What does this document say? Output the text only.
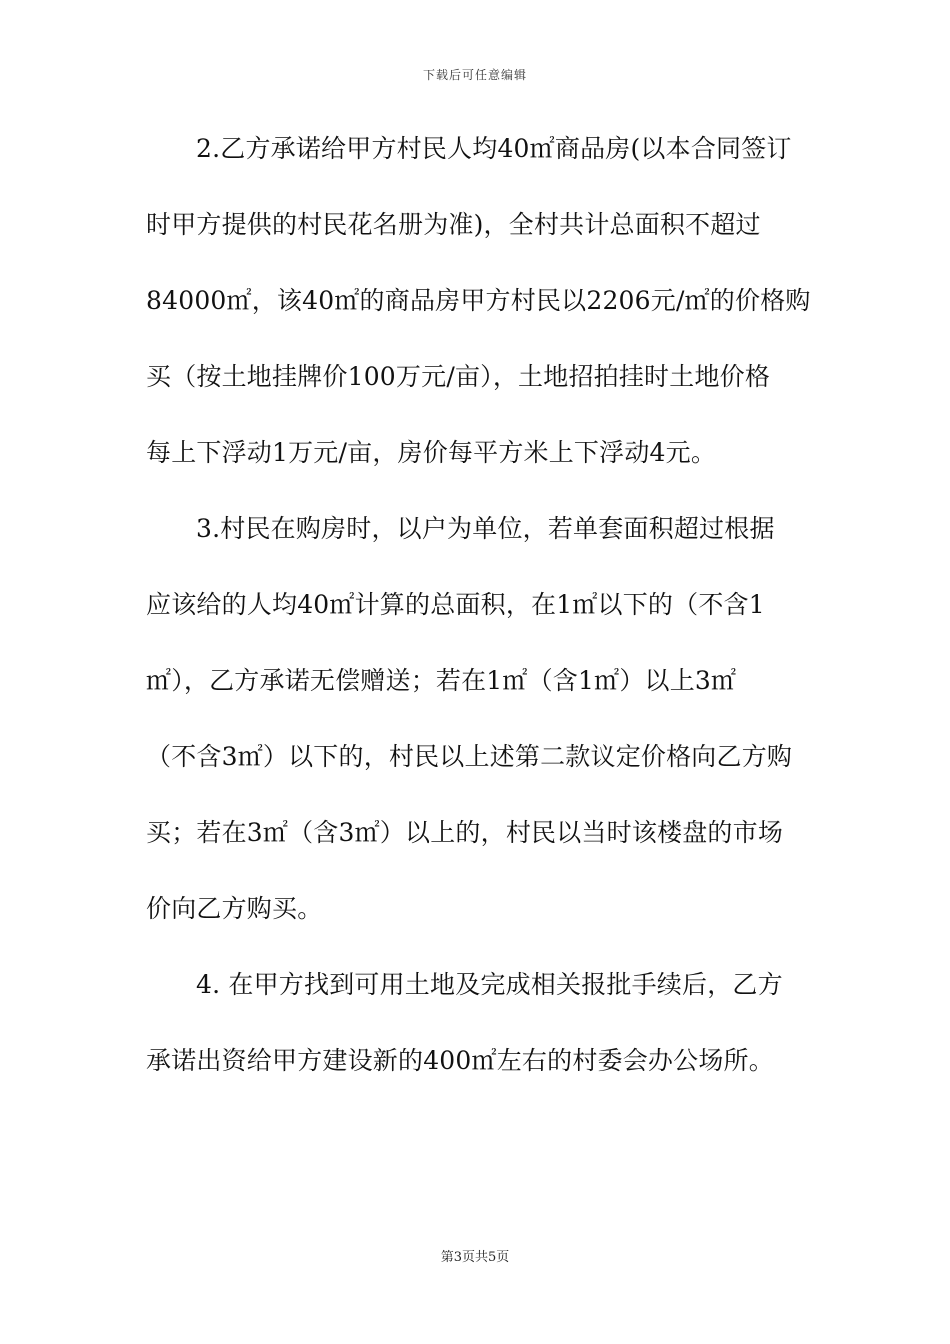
下载后可任意编辑
2.乙方承诺给甲方村民人均40㎡商品房(以本合同签订
时甲方提供的村民花名册为准)，全村共计总面积不超过
84000㎡，该40㎡的商品房甲方村民以2206元/㎡的价格购
买（按土地挂牌价100万元/亩），土地招拍挂时土地价格
每上下浮动1万元/亩，房价每平方米上下浮动4元。
3.村民在购房时，以户为单位，若单套面积超过根据
应该给的人均40㎡计算的总面积，在1㎡以下的（不含1
㎡），乙方承诺无偿赠送；若在1㎡（含1㎡）以上3㎡
（不含3㎡）以下的，村民以上述第二款议定价格向乙方购
买；若在3㎡（含3㎡）以上的，村民以当时该楼盘的市场
价向乙方购买。
4. 在甲方找到可用土地及完成相关报批手续后，乙方
承诺出资给甲方建设新的400㎡左右的村委会办公场所。
第3页共5页
